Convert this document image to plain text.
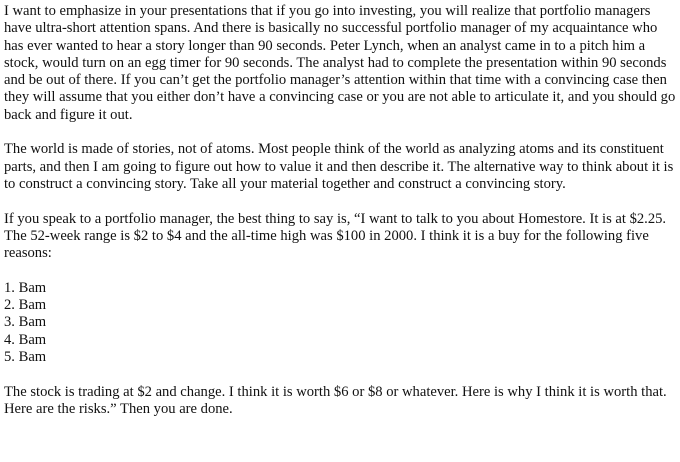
I want to emphasize in your presentations that if you go into investing, you will realize that portfolio managers have ultra-short attention spans. And there is basically no successful portfolio manager of my acquaintance who has ever wanted to hear a story longer than 90 seconds. Peter Lynch, when an analyst came in to a pitch him a stock, would turn on an egg timer for 90 seconds. The analyst had to complete the presentation within 90 seconds and be out of there. If you can’t get the portfolio manager’s attention within that time with a convincing case then they will assume that you either don’t have a convincing case or you are not able to articulate it, and you should go back and figure it out.

The world is made of stories, not of atoms. Most people think of the world as analyzing atoms and its constituent parts, and then I am going to figure out how to value it and then describe it. The alternative way to think about it is to construct a convincing story. Take all your material together and construct a convincing story.

If you speak to a portfolio manager, the best thing to say is, “I want to talk to you about Homestore. It is at $2.25. The 52-week range is $2 to $4 and the all-time high was $100 in 2000. I think it is a buy for the following five reasons:

1. Bam
2. Bam
3. Bam
4. Bam
5. Bam

The stock is trading at $2 and change. I think it is worth $6 or $8 or whatever. Here is why I think it is worth that. Here are the risks.” Then you are done.
